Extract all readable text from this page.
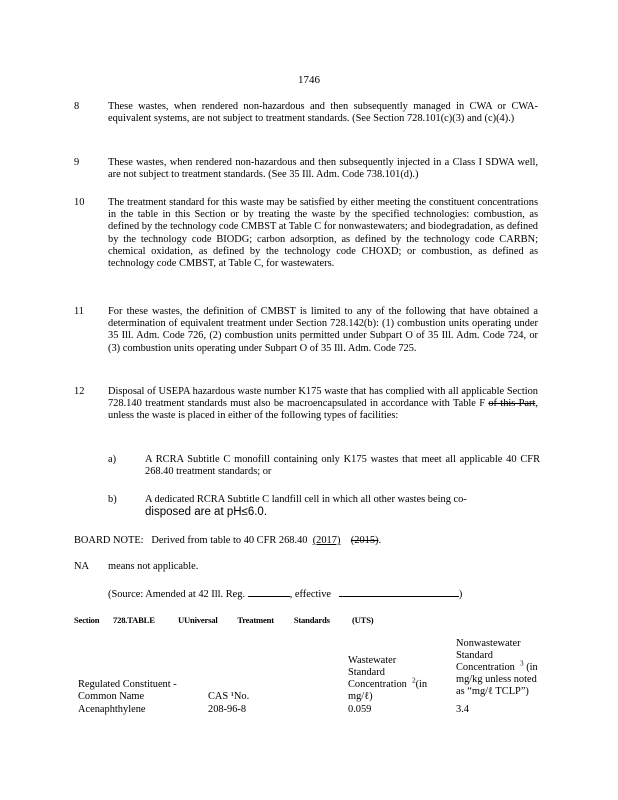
1746
8	These wastes, when rendered non-hazardous and then subsequently managed in CWA or CWA-equivalent systems, are not subject to treatment standards. (See Section 728.101(c)(3) and (c)(4).)
9	These wastes, when rendered non-hazardous and then subsequently injected in a Class I SDWA well, are not subject to treatment standards. (See 35 Ill. Adm. Code 738.101(d).)
10 The treatment standard for this waste may be satisfied by either meeting the constituent concentrations in the table in this Section or by treating the waste by the specified technologies: combustion, as defined by the technology code CMBST at Table C for nonwastewaters; and biodegradation, as defined by the technology code BIODG; carbon adsorption, as defined by the technology code CARBN; chemical oxidation, as defined by the technology code CHOXD; or combustion, as defined as technology code CMBST, at Table C, for wastewaters.
11 For these wastes, the definition of CMBST is limited to any of the following that have obtained a determination of equivalent treatment under Section 728.142(b): (1) combustion units operating under 35 Ill. Adm. Code 726, (2) combustion units permitted under Subpart O of 35 Ill. Adm. Code 724, or (3) combustion units operating under Subpart O of 35 Ill. Adm. Code 725.
12 Disposal of USEPA hazardous waste number K175 waste that has complied with all applicable Section 728.140 treatment standards must also be macroencapsulated in accordance with Table F of this Part, unless the waste is placed in either of the following types of facilities:
a)	A RCRA Subtitle C monofill containing only K175 wastes that meet all applicable 40 CFR 268.40 treatment standards; or
b)	A dedicated RCRA Subtitle C landfill cell in which all other wastes being co-
disposed are at pH≤6.0.
BOARD NOTE: Derived from table to 40 CFR 268.40 (2017) (2015).
NA means not applicable.
(Source: Amended at 42 Ill. Reg.	, effective	)
Section 728.TABLE	UUniversal Treatment Standards	(UTS)
Regulated Constituent - Common Name	CAS ¹No.
Wastewater
Standard
Concentration $^2$(in
mg/ℓ)
Nonwastewater
Standard
Concentration $^3$ (in
mg/kg unless noted
as “mg/ℓ TCLP”)
Acenaphthylene	208-96-8	0.059	3.4
